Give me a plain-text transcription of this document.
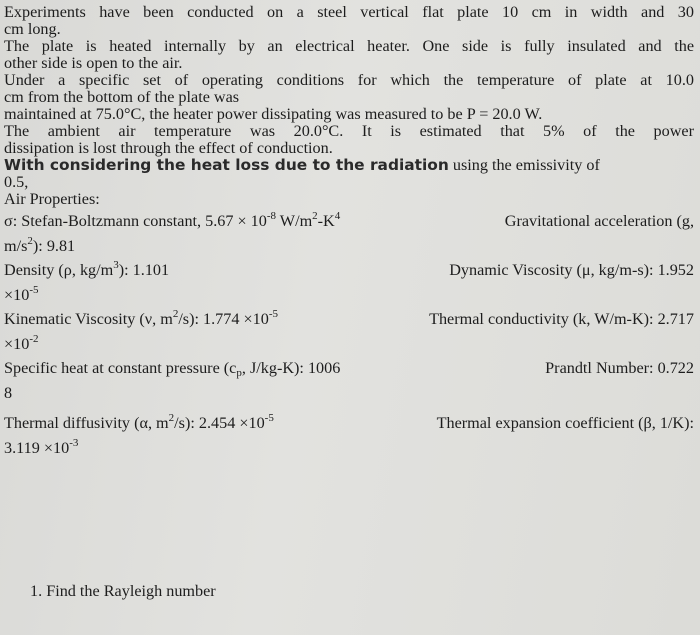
Experiments have been conducted on a steel vertical flat plate 10 cm in width and 30
cm long.
The plate is heated internally by an electrical heater. One side is fully insulated and the
other side is open to the air.
Under a specific set of operating conditions for which the temperature of plate at 10.0
cm from the bottom of the plate was
maintained at 75.0°C, the heater power dissipating was measured to be P = 20.0 W.
The ambient air temperature was 20.0°C. It is estimated that 5% of the power
dissipation is lost through the effect of conduction.
With considering the heat loss due to the radiation using the emissivity of
0.5,
Air Properties:
σ: Stefan-Boltzmann constant, $5.67 \times 10^{-8}$ $W/m^2-K^4$	Gravitational acceleration (g,
$m/s^2$): 9.81
Density (ρ, $kg/m^3$): 1.101	Dynamic Viscosity (μ, kg/m-s): 1.952
$\times 10^{-5}$
Kinematic Viscosity (ν, $m^2/s$): $1.774 \times 10^{-5}$	Thermal conductivity (k, W/m-K): 2.717
$\times 10^{-2}$
Specific heat at constant pressure ($c_p$, J/kg-K): 1006	Prandtl Number: 0.722
8
Thermal diffusivity (α, $m^2/s$): $2.454 \times 10^{-5}$	Thermal expansion coefficient (β, 1/K):
$3.119 \times 10^{-3}$
1. Find the Rayleigh number
